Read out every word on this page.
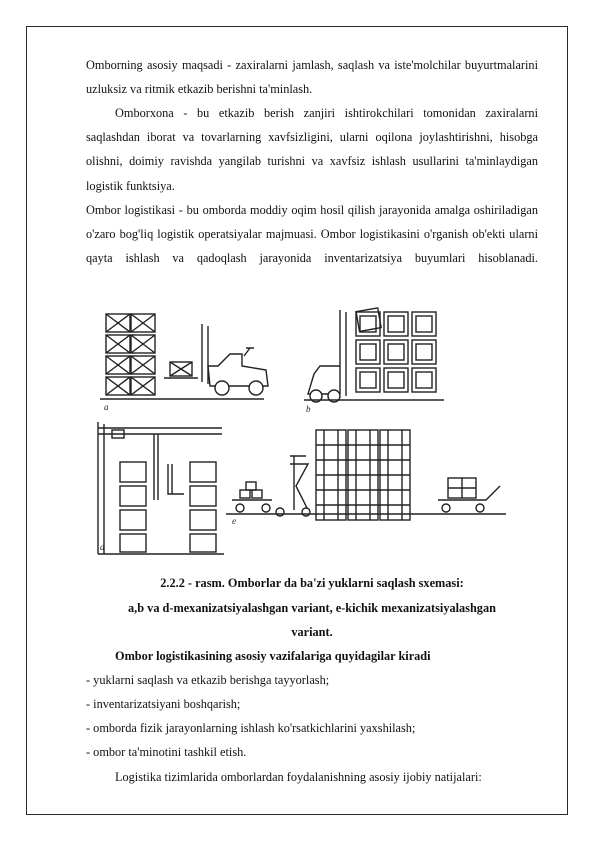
Omborning asosiy maqsadi - zaxiralarni jamlash, saqlash va iste'molchilar buyurtmalarini uzluksiz va ritmik etkazib berishni ta'minlash.
Omborxona - bu etkazib berish zanjiri ishtirokchilari tomonidan zaxiralarni saqlashdan iborat va tovarlarning xavfsizligini, ularni oqilona joylashtirishni, hisobga olishni, doimiy ravishda yangilab turishni va xavfsiz ishlash usullarini ta'minlaydigan logistik funktsiya.
Ombor logistikasi - bu omborda moddiy oqim hosil qilish jarayonida amalga oshiriladigan o'zaro bog'liq logistik operatsiyalar majmuasi. Ombor logistikasini o'rganish ob'ekti ularni qayta ishlash va qadoqlash jarayonida inventarizatsiya buyumlari hisoblanadi.
a	b
d
e
2.2.2 - rasm. Omborlar da ba'zi yuklarni saqlash sxemasi:
a,b va d-mexanizatsiyalashgan variant, e-kichik mexanizatsiyalashgan
variant.
Ombor logistikasining asosiy vazifalariga quyidagilar kiradi
- yuklarni saqlash va etkazib berishga tayyorlash;
- inventarizatsiyani boshqarish;
- omborda fizik jarayonlarning ishlash ko'rsatkichlarini yaxshilash;
- ombor ta'minotini tashkil etish.
Logistika tizimlarida omborlardan foydalanishning asosiy ijobiy natijalari:
